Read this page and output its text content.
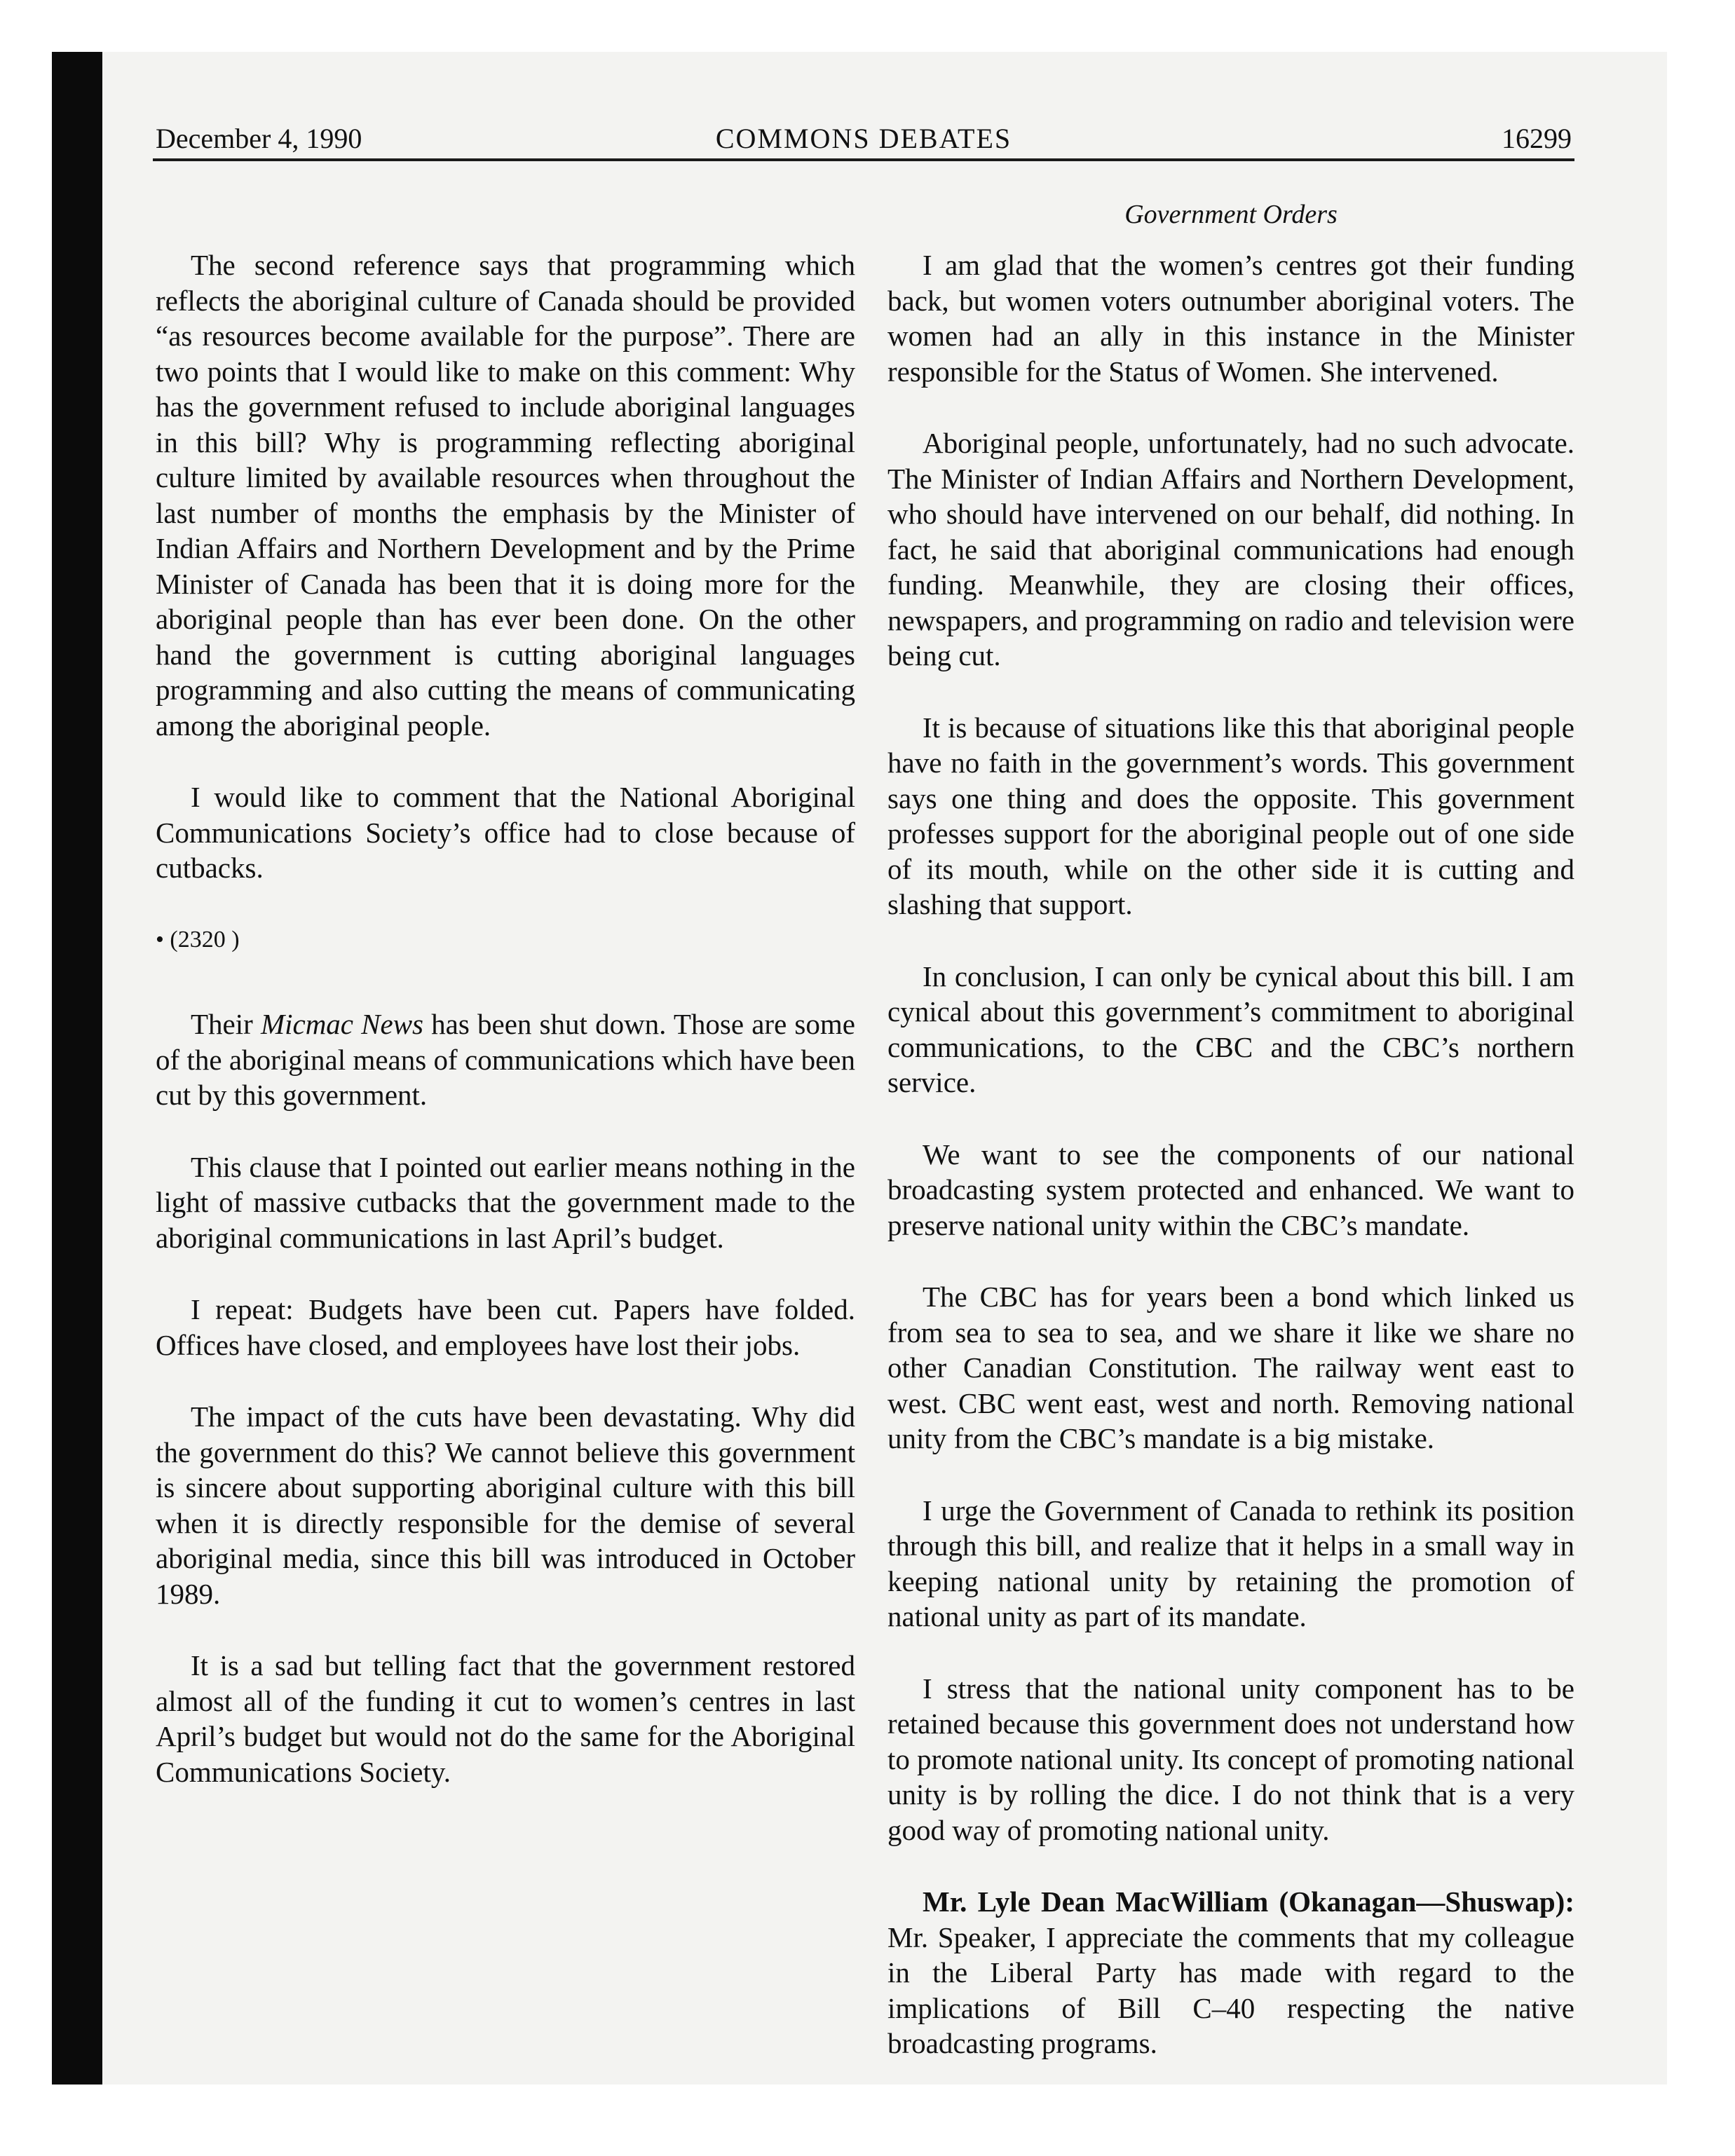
December 4, 1990	COMMONS DEBATES	16299
Government Orders

The second reference says that programming which reflects the aboriginal culture of Canada should be provided “as resources become available for the purpose”. There are two points that I would like to make on this comment: Why has the government refused to include aboriginal languages in this bill? Why is programming reflecting aboriginal culture limited by available resources when throughout the last number of months the emphasis by the Minister of Indian Affairs and Northern Development and by the Prime Minister of Canada has been that it is doing more for the aboriginal people than has ever been done. On the other hand the government is cutting aboriginal languages programming and also cutting the means of communicating among the aboriginal people.

I would like to comment that the National Aboriginal Communications Society’s office had to close because of cutbacks.

• (2320 )

Their Micmac News has been shut down. Those are some of the aboriginal means of communications which have been cut by this government.

This clause that I pointed out earlier means nothing in the light of massive cutbacks that the government made to the aboriginal communications in last April’s budget.

I repeat: Budgets have been cut. Papers have folded. Offices have closed, and employees have lost their jobs.

The impact of the cuts have been devastating. Why did the government do this? We cannot believe this government is sincere about supporting aboriginal culture with this bill when it is directly responsible for the demise of several aboriginal media, since this bill was introduced in October 1989.

It is a sad but telling fact that the government restored almost all of the funding it cut to women’s centres in last April’s budget but would not do the same for the Aboriginal Communications Society.

I am glad that the women’s centres got their funding back, but women voters outnumber aboriginal voters. The women had an ally in this instance in the Minister responsible for the Status of Women. She intervened.

Aboriginal people, unfortunately, had no such advocate. The Minister of Indian Affairs and Northern Development, who should have intervened on our behalf, did nothing. In fact, he said that aboriginal communications had enough funding. Meanwhile, they are closing their offices, newspapers, and programming on radio and television were being cut.

It is because of situations like this that aboriginal people have no faith in the government’s words. This government says one thing and does the opposite. This government professes support for the aboriginal people out of one side of its mouth, while on the other side it is cutting and slashing that support.

In conclusion, I can only be cynical about this bill. I am cynical about this government’s commitment to aboriginal communications, to the CBC and the CBC’s northern service.

We want to see the components of our national broadcasting system protected and enhanced. We want to preserve national unity within the CBC’s mandate.

The CBC has for years been a bond which linked us from sea to sea to sea, and we share it like we share no other Canadian Constitution. The railway went east to west. CBC went east, west and north. Removing national unity from the CBC’s mandate is a big mistake.

I urge the Government of Canada to rethink its position through this bill, and realize that it helps in a small way in keeping national unity by retaining the promotion of national unity as part of its mandate.

I stress that the national unity component has to be retained because this government does not understand how to promote national unity. Its concept of promoting national unity is by rolling the dice. I do not think that is a very good way of promoting national unity.

Mr. Lyle Dean MacWilliam (Okanagan—Shuswap): Mr. Speaker, I appreciate the comments that my colleague in the Liberal Party has made with regard to the implications of Bill C–40 respecting the native broadcasting programs.
